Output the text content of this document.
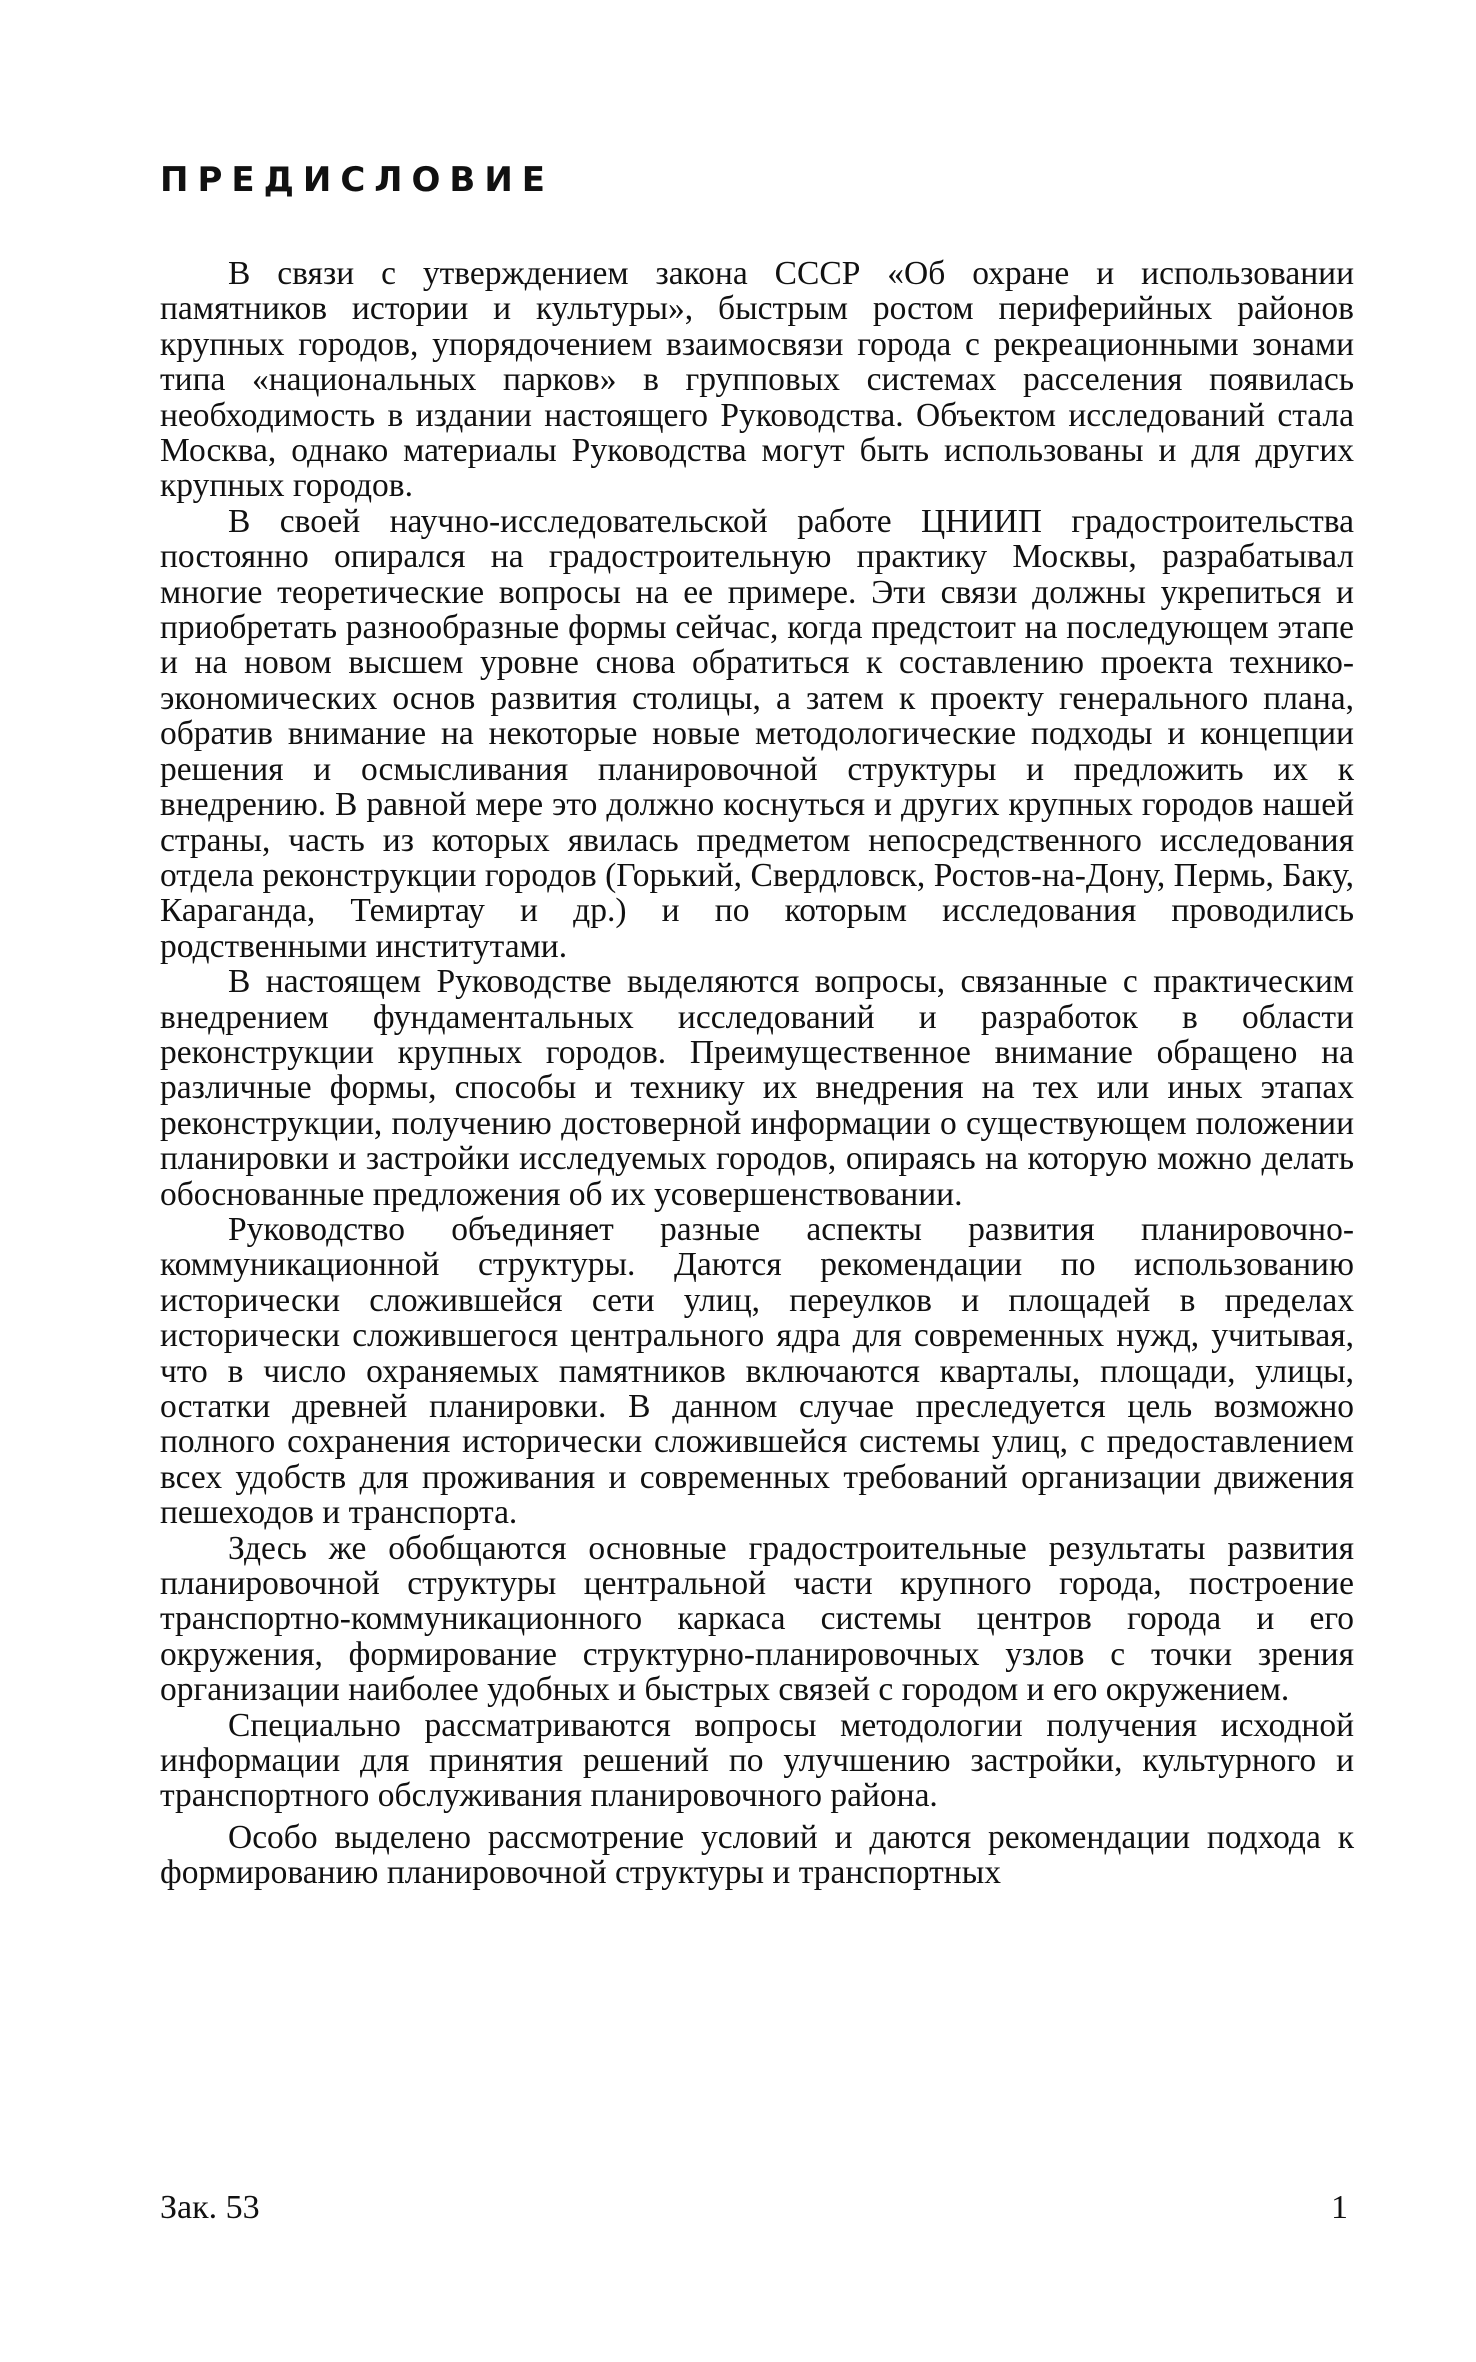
ПРЕДИСЛОВИЕ

В связи с утверждением закона СССР «Об охране и использовании памятников истории и культуры», быстрым ростом периферийных районов крупных городов, упорядочением взаимосвязи города с рекреационными зонами типа «национальных парков» в групповых системах расселения появилась необходимость в издании настоящего Руководства. Объектом исследований стала Москва, однако материалы Руководства могут быть использованы и для других крупных городов.

В своей научно-исследовательской работе ЦНИИП градостроительства постоянно опирался на градостроительную практику Москвы, разрабатывал многие теоретические вопросы на ее примере. Эти связи должны укрепиться и приобретать разнообразные формы сейчас, когда предстоит на последующем этапе и на новом высшем уровне снова обратиться к составлению проекта технико-экономических основ развития столицы, а затем к проекту генерального плана, обратив внимание на некоторые новые методологические подходы и концепции решения и осмысливания планировочной структуры и предложить их к внедрению. В равной мере это должно коснуться и других крупных городов нашей страны, часть из которых явилась предметом непосредственного исследования отдела реконструкции городов (Горький, Свердловск, Ростов-на-Дону, Пермь, Баку, Караганда, Темиртау и др.) и по которым исследования проводились родственными институтами.

В настоящем Руководстве выделяются вопросы, связанные с практическим внедрением фундаментальных исследований и разработок в области реконструкции крупных городов. Преимущественное внимание обращено на различные формы, способы и технику их внедрения на тех или иных этапах реконструкции, получению достоверной информации о существующем положении планировки и застройки исследуемых городов, опираясь на которую можно делать обоснованные предложения об их усовершенствовании.

Руководство объединяет разные аспекты развития планировочно-коммуникационной структуры. Даются рекомендации по использованию исторически сложившейся сети улиц, переулков и площадей в пределах исторически сложившегося центрального ядра для современных нужд, учитывая, что в число охраняемых памятников включаются кварталы, площади, улицы, остатки древней планировки. В данном случае преследуется цель возможно полного сохранения исторически сложившейся системы улиц, с предоставлением всех удобств для проживания и современных требований организации движения пешеходов и транспорта.

Здесь же обобщаются основные градостроительные результаты развития планировочной структуры центральной части крупного города, построение транспортно-коммуникационного каркаса системы центров города и его окружения, формирование структурно-планировочных узлов с точки зрения организации наиболее удобных и быстрых связей с городом и его окружением.

Специально рассматриваются вопросы методологии получения исходной информации для принятия решений по улучшению застройки, культурного и транспортного обслуживания планировочного района.

Особо выделено рассмотрение условий и даются рекомендации подхода к формированию планировочной структуры и транспортных

Зак. 53	1
